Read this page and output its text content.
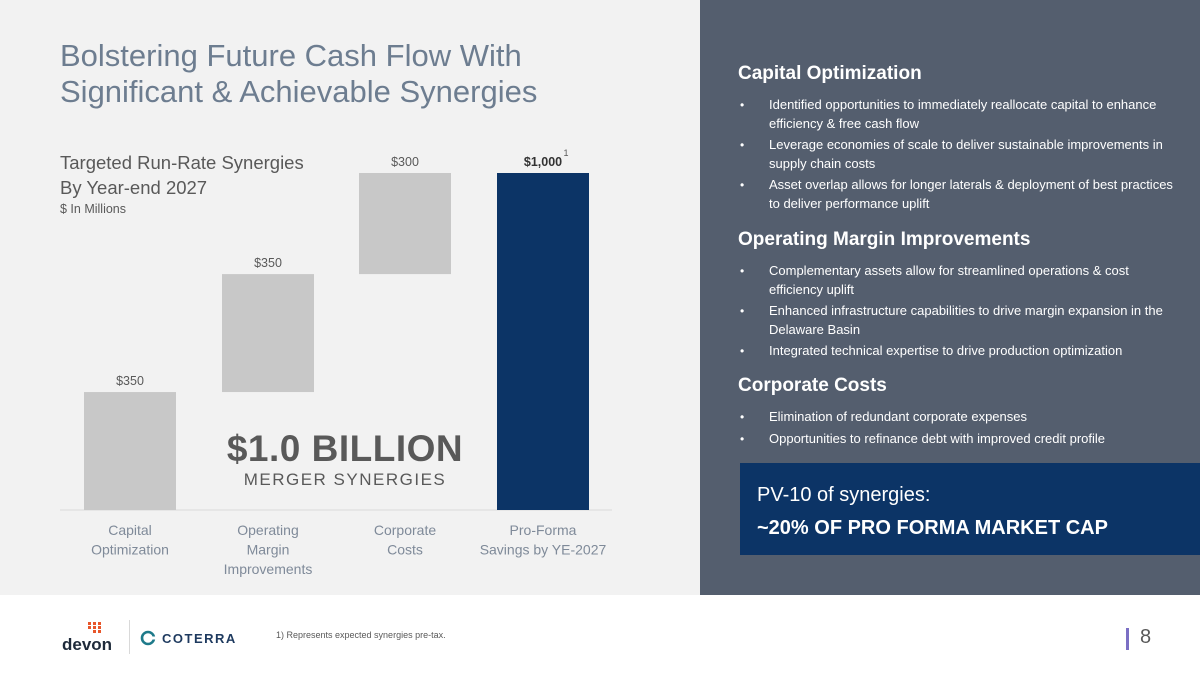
Bolstering Future Cash Flow With Significant & Achievable Synergies
Targeted Run-Rate Synergies
By Year-end 2027
$ In Millions
$350
Capital Optimization
$350
Operating Margin Improvements
$300
Corporate Costs
$1,000
1
Pro-Forma Savings by YE-2027
$1.0 BILLION
MERGER SYNERGIES
Capital Optimization
• Identified opportunities to immediately reallocate capital to enhance efficiency & free cash flow
• Leverage economies of scale to deliver sustainable improvements in supply chain costs
• Asset overlap allows for longer laterals & deployment of best practices to deliver performance uplift
Operating Margin Improvements
• Complementary assets allow for streamlined operations & cost efficiency uplift
• Enhanced infrastructure capabilities to drive margin expansion in the Delaware Basin
• Integrated technical expertise to drive production optimization
Corporate Costs
• Elimination of redundant corporate expenses
• Opportunities to refinance debt with improved credit profile
PV-10 of synergies:
~20% OF PRO FORMA MARKET CAP
devon	COTERRA	1) Represents expected synergies pre-tax.	8
